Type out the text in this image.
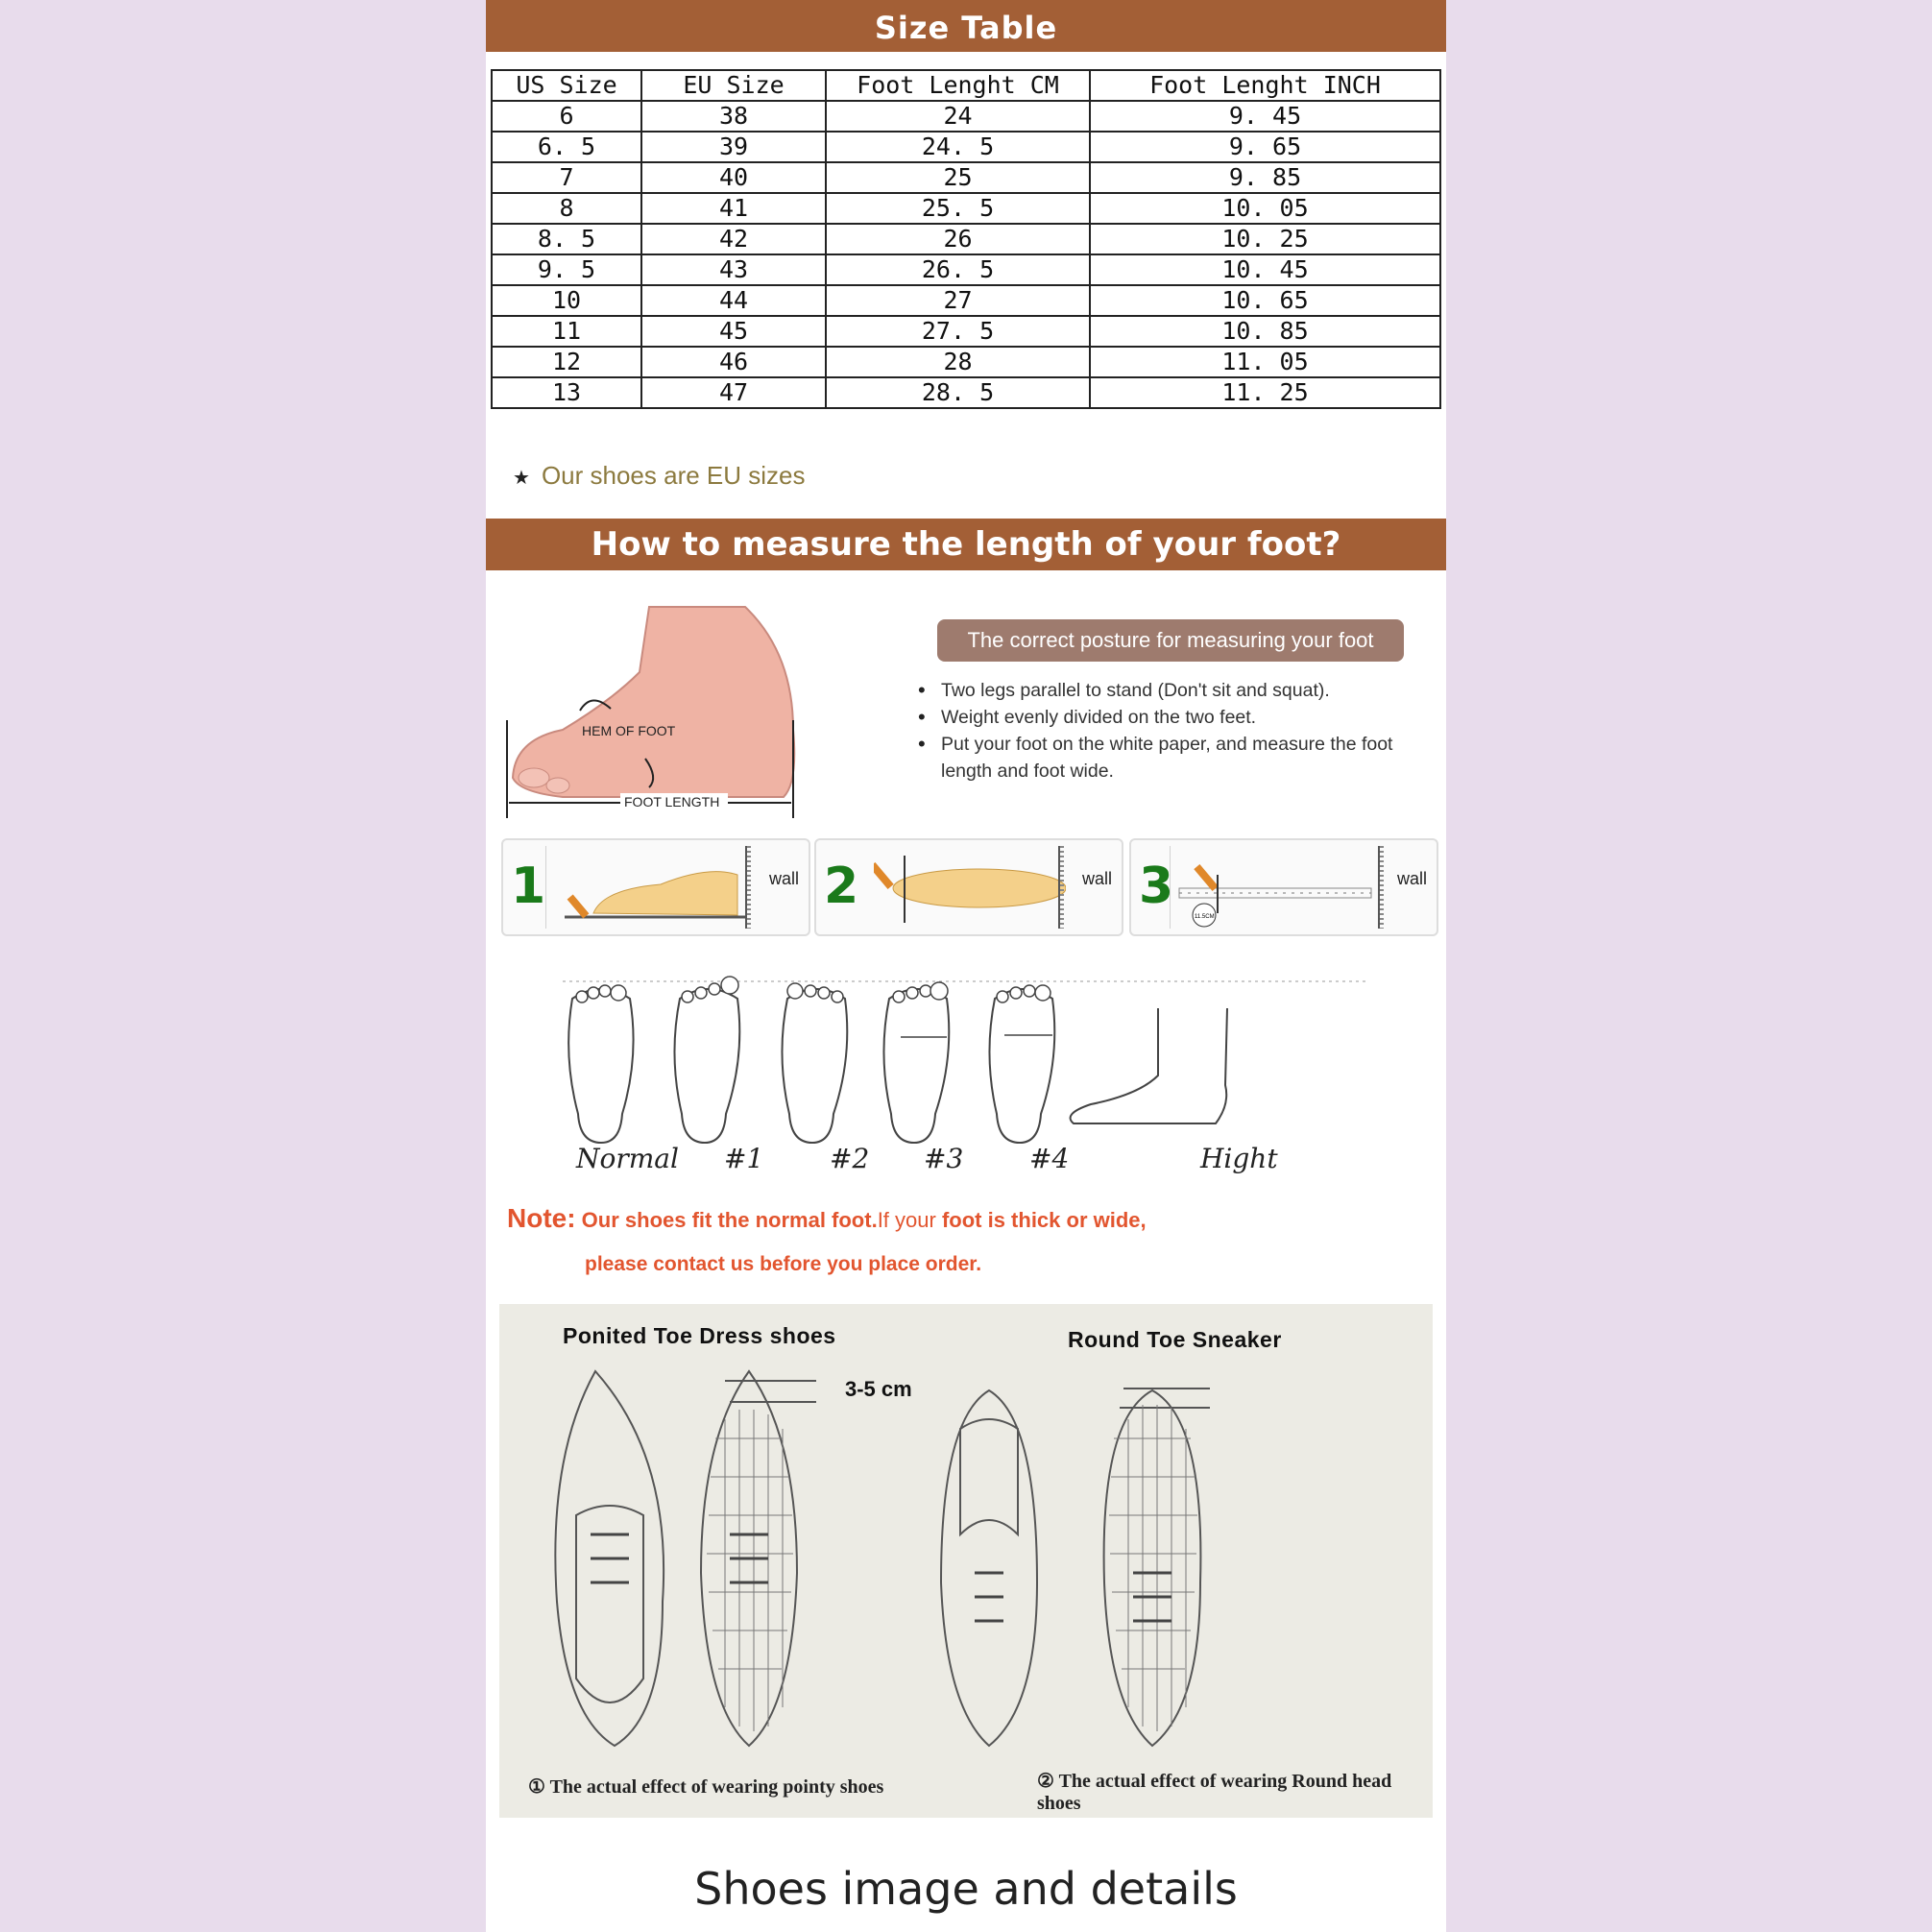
Size Table
US Size	EU Size	Foot Lenght CM	Foot Lenght INCH
6	38	24	9. 45
6. 5	39	24. 5	9. 65
7	40	25	9. 85
8	41	25. 5	10. 05
8. 5	42	26	10. 25
9. 5	43	26. 5	10. 45
10	44	27	10. 65
11	45	27. 5	10. 85
12	46	28	11. 05
13	47	28. 5	11. 25
★ Our shoes are EU sizes
How to measure the length of your foot?
HEM OF FOOT
FOOT LENGTH
The correct posture for measuring your foot
• Two legs parallel to stand (Don't sit and squat).
• Weight evenly divided on the two feet.
• Put your foot on the white paper, and measure the foot length and foot wide.
1	wall 2	wall 3
11.5CM
wall
Normal #1 #2 #3 #4	Hight
Note: Our shoes fit the normal foot.If your foot is thick or wide,
please contact us before you place order.
Ponited Toe Dress shoes	Round Toe Sneaker
3-5 cm
① The actual effect of wearing pointy shoes	② The actual effect of wearing Round head shoes
Shoes image and details
